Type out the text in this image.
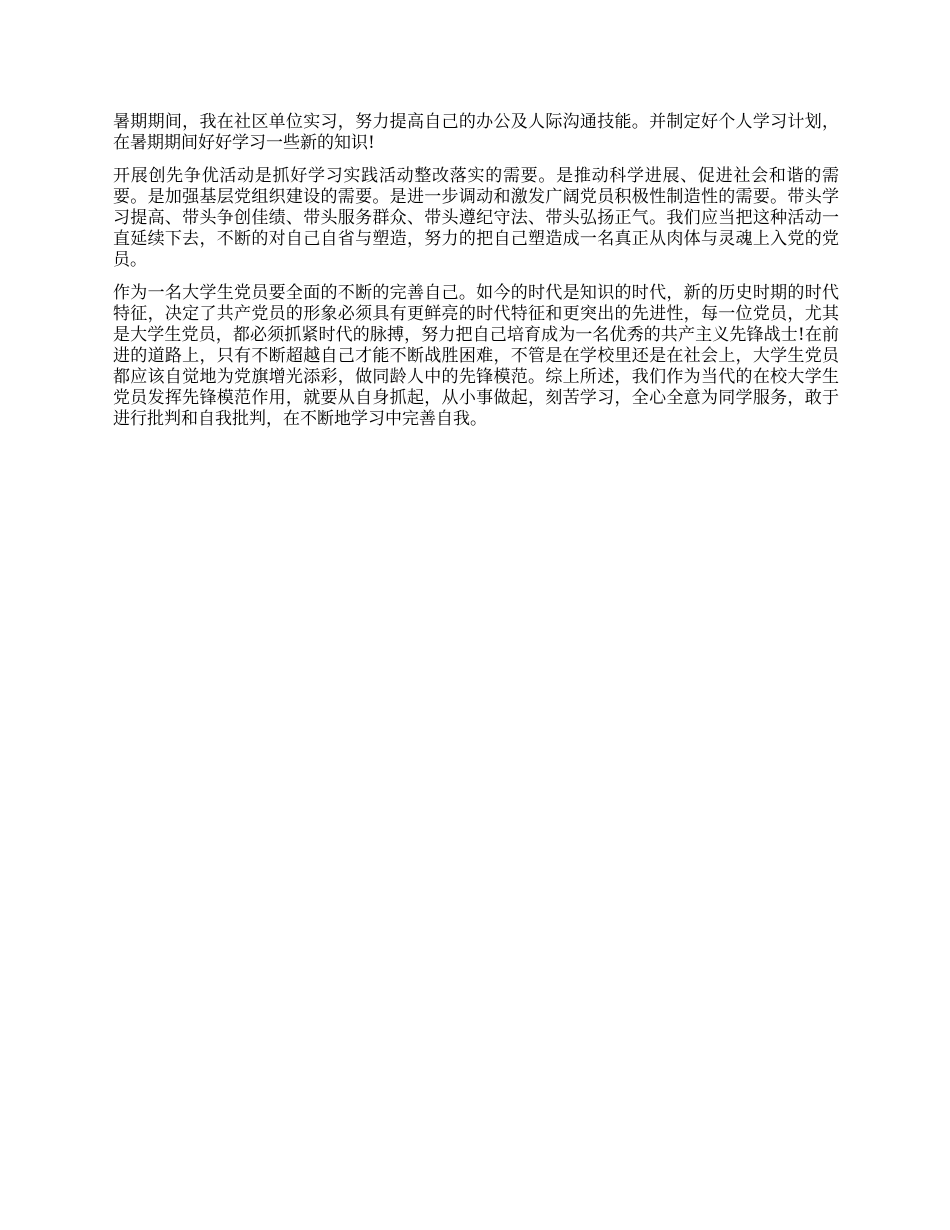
暑期期间，我在社区单位实习，努力提高自己的办公及人际沟通技能。并制定好个人学习计划，在暑期期间好好学习一些新的知识!

开展创先争优活动是抓好学习实践活动整改落实的需要。是推动科学进展、促进社会和谐的需要。是加强基层党组织建设的需要。是进一步调动和激发广阔党员积极性制造性的需要。带头学习提高、带头争创佳绩、带头服务群众、带头遵纪守法、带头弘扬正气。我们应当把这种活动一直延续下去，不断的对自己自省与塑造，努力的把自己塑造成一名真正从肉体与灵魂上入党的党员。

作为一名大学生党员要全面的不断的完善自己。如今的时代是知识的时代，新的历史时期的时代特征，决定了共产党员的形象必须具有更鲜亮的时代特征和更突出的先进性，每一位党员，尤其是大学生党员，都必须抓紧时代的脉搏，努力把自己培育成为一名优秀的共产主义先锋战士!在前进的道路上，只有不断超越自己才能不断战胜困难，不管是在学校里还是在社会上，大学生党员都应该自觉地为党旗增光添彩，做同龄人中的先锋模范。综上所述，我们作为当代的在校大学生党员发挥先锋模范作用，就要从自身抓起，从小事做起，刻苦学习，全心全意为同学服务，敢于进行批判和自我批判，在不断地学习中完善自我。
